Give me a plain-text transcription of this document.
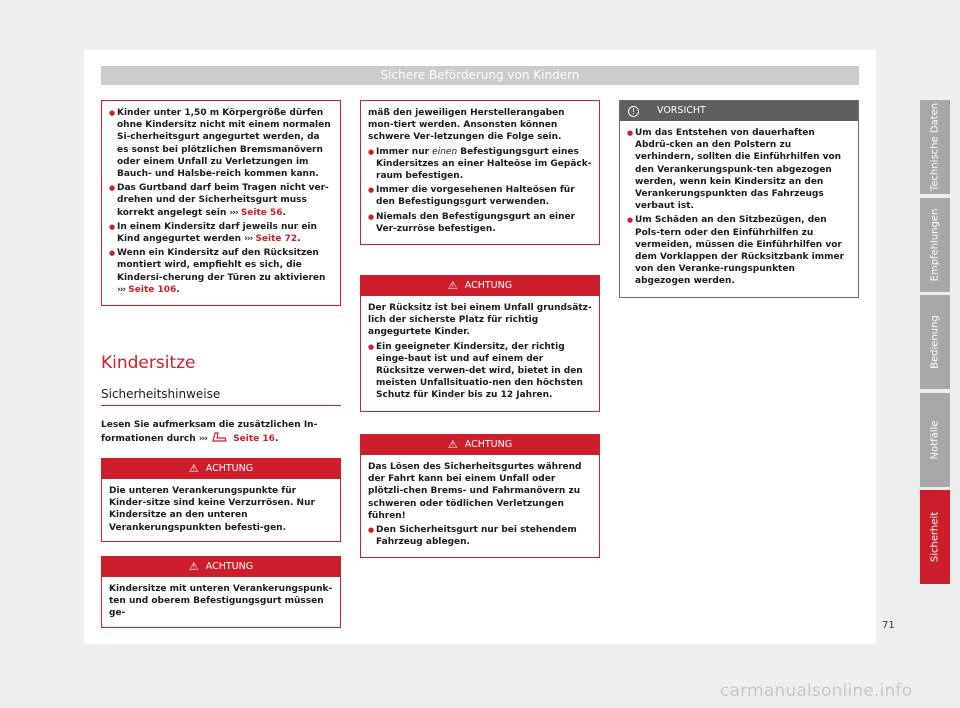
Sichere Beförderung von Kindern
● Kinder unter 1,50 m Körpergröße dürfen ohne Kindersitz nicht mit einem normalen Si-cherheitsgurt angegurtet werden, da es sonst bei plötzlichen Bremsmanövern oder einem Unfall zu Verletzungen im Bauch- und Halsbe-reich kommen kann.
● Das Gurtband darf beim Tragen nicht ver-drehen und der Sicherheitsgurt muss korrekt angelegt sein ››› Seite 56.
● In einem Kindersitz darf jeweils nur ein Kind angegurtet werden ››› Seite 72.
● Wenn ein Kindersitz auf den Rücksitzen montiert wird, empfiehlt es sich, die Kindersi-cherung der Türen zu aktivieren ››› Seite 106.
Kindersitze
Sicherheitshinweise
Lesen Sie aufmerksam die zusätzlichen In-formationen durch ›››	Seite 16.
⚠ ACHTUNG

Die unteren Verankerungspunkte für Kinder-sitze sind keine Verzurrösen. Nur Kindersitze an den unteren Verankerungspunkten befesti-gen.

⚠ ACHTUNG

Kindersitze mit unteren Verankerungspunk-ten und oberem Befestigungsgurt müssen ge-

mäß den jeweiligen Herstellerangaben mon-tiert werden. Ansonsten können schwere Ver-letzungen die Folge sein.

● Immer nur einen Befestigungsgurt eines Kindersitzes an einer Halteöse im Gepäck-raum befestigen.
● Immer die vorgesehenen Halteösen für den Befestigungsgurt verwenden.
● Niemals den Befestigungsgurt an einer Ver-zurröse befestigen.
⚠ ACHTUNG

Der Rücksitz ist bei einem Unfall grundsätz-lich der sicherste Platz für richtig angegurtete Kinder.

● Ein geeigneter Kindersitz, der richtig einge-baut ist und auf einem der Rücksitze verwen-det wird, bietet in den meisten Unfallsituatio-nen den höchsten Schutz für Kinder bis zu 12 Jahren.
⚠ ACHTUNG

Das Lösen des Sicherheitsgurtes während der Fahrt kann bei einem Unfall oder plötzli-chen Brems- und Fahrmanövern zu schweren oder tödlichen Verletzungen führen!

● Den Sicherheitsgurt nur bei stehendem Fahrzeug ablegen.
! VORSICHT
● Um das Entstehen von dauerhaften Abdrü-cken an den Polstern zu verhindern, sollten die Einführhilfen von den Verankerungspunk-ten abgezogen werden, wenn kein Kindersitz an den Verankerungspunkten das Fahrzeugs verbaut ist.
● Um Schäden an den Sitzbezügen, den Pols-tern oder den Einführhilfen zu vermeiden, müssen die Einführhilfen vor dem Vorklappen der Rücksitzbank immer von den Veranke-rungspunkten abgezogen werden.
Technische Daten
Empfehlungen
Bedienung
Notfälle
Sicherheit
71
carmanualsonline.info
